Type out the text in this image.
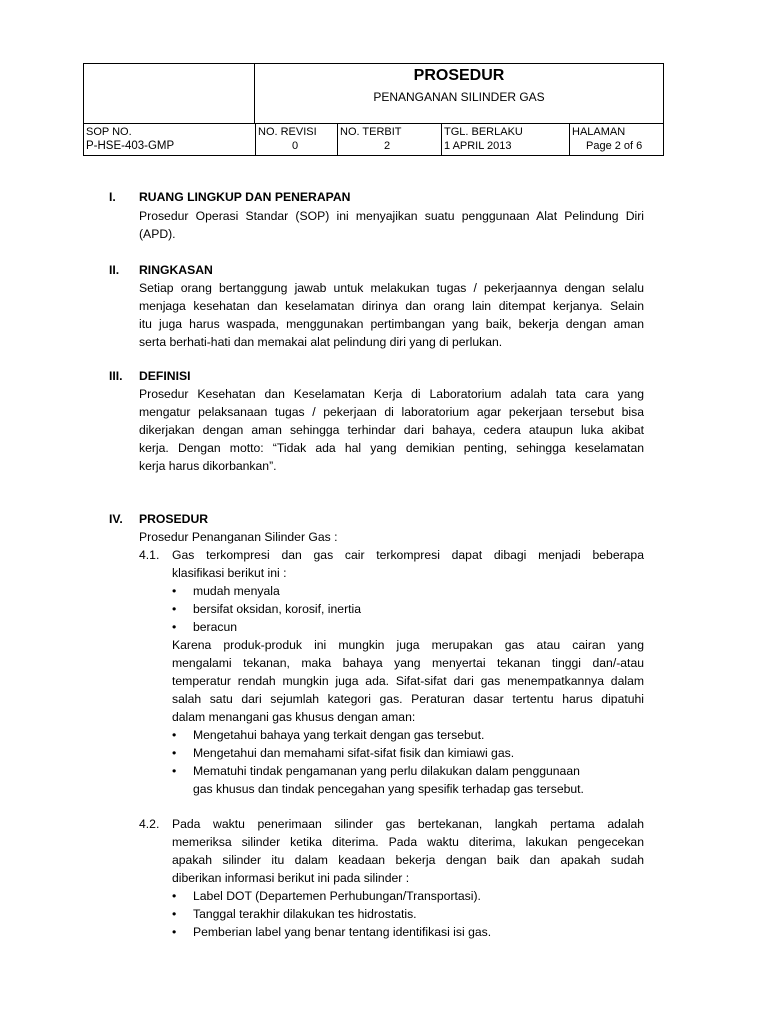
PROSEDUR
PENANGANAN SILINDER GAS
SOP NO.
P-HSE-403-GMP
NO. REVISI
0
NO. TERBIT
2
TGL. BERLAKU
1 APRIL 2013
HALAMAN
Page 2 of 6
I. RUANG LINGKUP DAN PENERAPAN
Prosedur Operasi Standar (SOP) ini menyajikan suatu penggunaan Alat Pelindung Diri
(APD).
II. RINGKASAN
Setiap orang bertanggung jawab untuk melakukan tugas / pekerjaannya dengan selalu
menjaga kesehatan dan keselamatan dirinya dan orang lain ditempat kerjanya. Selain
itu juga harus waspada, menggunakan pertimbangan yang baik, bekerja dengan aman
serta berhati-hati dan memakai alat pelindung diri yang di perlukan.
III. DEFINISI
Prosedur Kesehatan dan Keselamatan Kerja di Laboratorium adalah tata cara yang
mengatur pelaksanaan tugas / pekerjaan di laboratorium agar pekerjaan tersebut bisa
dikerjakan dengan aman sehingga terhindar dari bahaya, cedera ataupun luka akibat
kerja. Dengan motto: “Tidak ada hal yang demikian penting, sehingga keselamatan
kerja harus dikorbankan”.
IV. PROSEDUR
Prosedur Penanganan Silinder Gas :
4.1. Gas terkompresi dan gas cair terkompresi dapat dibagi menjadi beberapa
klasifikasi berikut ini :
• mudah menyala
• bersifat oksidan, korosif, inertia
• beracun
Karena produk-produk ini mungkin juga merupakan gas atau cairan yang
mengalami tekanan, maka bahaya yang menyertai tekanan tinggi dan/-atau
temperatur rendah mungkin juga ada. Sifat-sifat dari gas menempatkannya dalam
salah satu dari sejumlah kategori gas. Peraturan dasar tertentu harus dipatuhi
dalam menangani gas khusus dengan aman:
• Mengetahui bahaya yang terkait dengan gas tersebut.
• Mengetahui dan memahami sifat-sifat fisik dan kimiawi gas.
• Mematuhi tindak pengamanan yang perlu dilakukan dalam penggunaan
gas khusus dan tindak pencegahan yang spesifik terhadap gas tersebut.
4.2. Pada waktu penerimaan silinder gas bertekanan, langkah pertama adalah
memeriksa silinder ketika diterima. Pada waktu diterima, lakukan pengecekan
apakah silinder itu dalam keadaan bekerja dengan baik dan apakah sudah
diberikan informasi berikut ini pada silinder :
• Label DOT (Departemen Perhubungan/Transportasi).
• Tanggal terakhir dilakukan tes hidrostatis.
• Pemberian label yang benar tentang identifikasi isi gas.
